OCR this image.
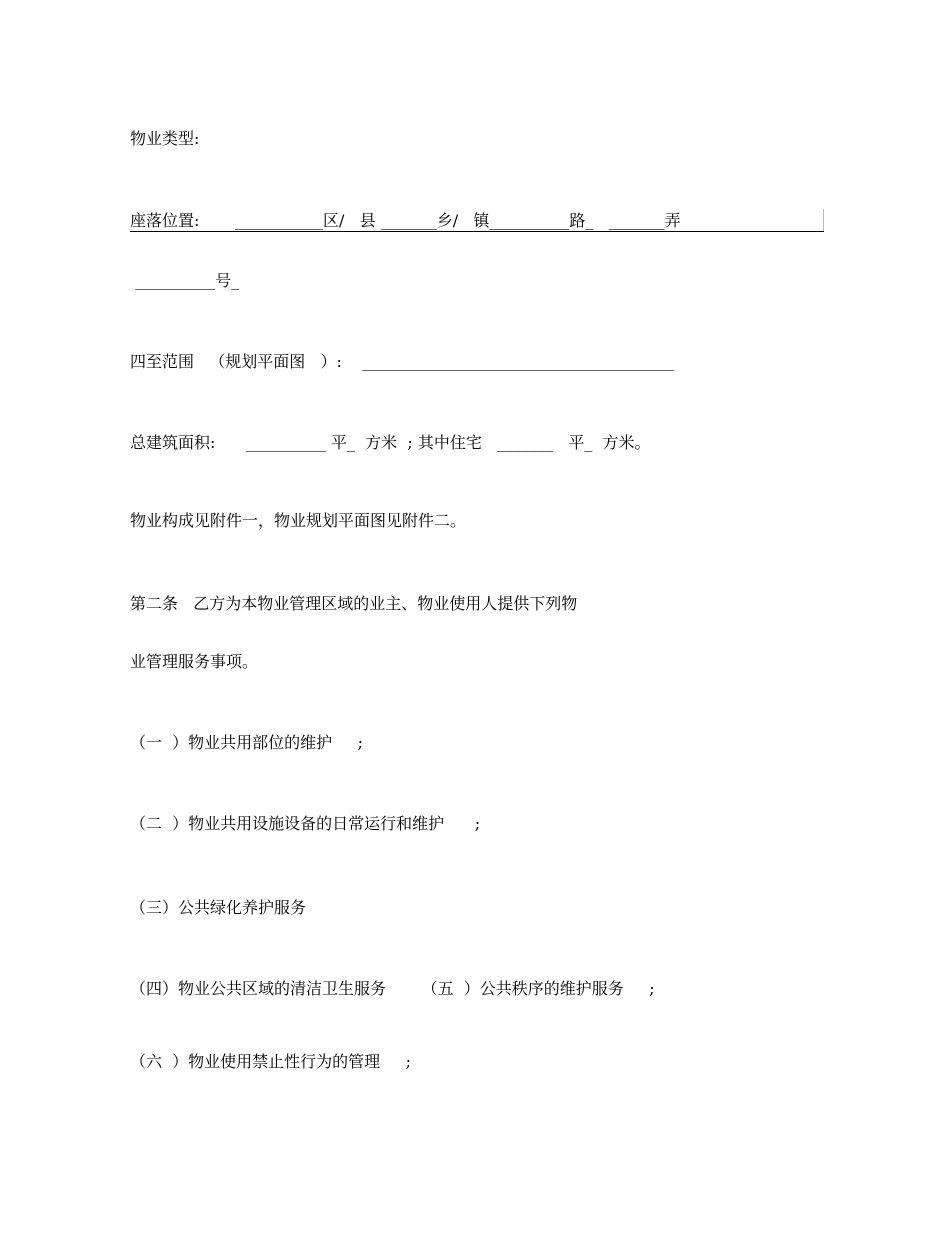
物业类型:
座落位置:       ___________区/   县 _______乡/   镇__________路_   _______弄
__________号_
四至范围   （规划平面图   ）:    _______________________________________
总建筑面积:      __________ 平_  方米  ; 其中住宅   _______   平_  方米。
物业构成见附件一，物业规划平面图见附件二。
第二条   乙方为本物业管理区域的业主、物业使用人提供下列物
业管理服务事项。
（一  ）物业共用部位的维护     ;
（二  ）物业共用设施设备的日常运行和维护      ;
（三）公共绿化养护服务
（四）物业公共区域的清洁卫生服务       （五  ）公共秩序的维护服务     ;
（六  ）物业使用禁止性行为的管理     ;
